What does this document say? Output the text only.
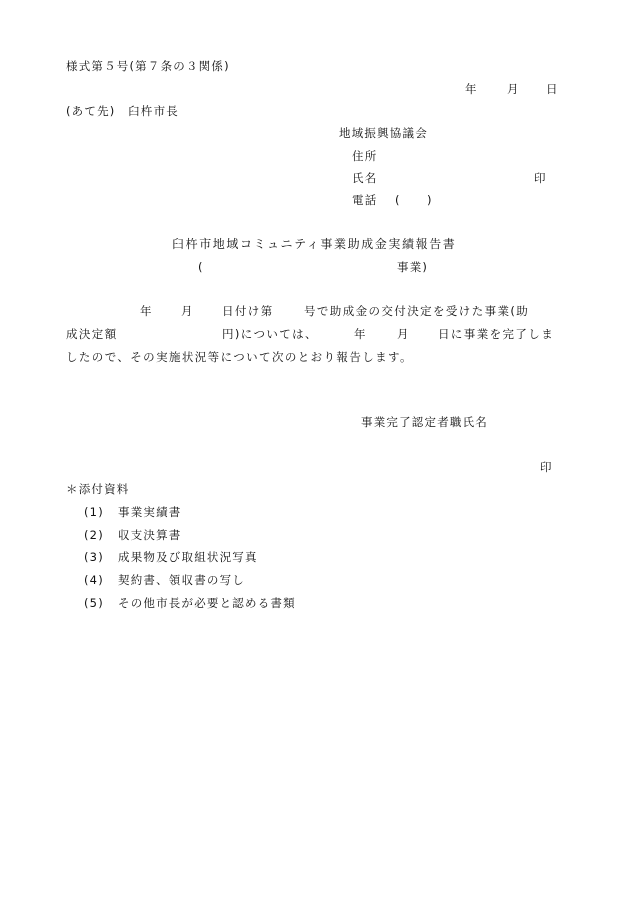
様式第５号(第７条の３関係)
年	月 日
(あて先)　臼杵市長
地域振興協議会
住所
氏名	印
電話 ( )
臼杵市地域コミュニティ事業助成金実績報告書
(	事業)
年 月 日付け第	号で助成金の交付決定を受けた事業(助
成決定額	円)については、	年	月 日に事業を完了しま
したので、その実施状況等について次のとおり報告します。
事業完了認定者職氏名
印
＊添付資料
(1) 事業実績書
(2) 収支決算書
(3) 成果物及び取組状況写真
(4) 契約書、領収書の写し
(5) その他市長が必要と認める書類
